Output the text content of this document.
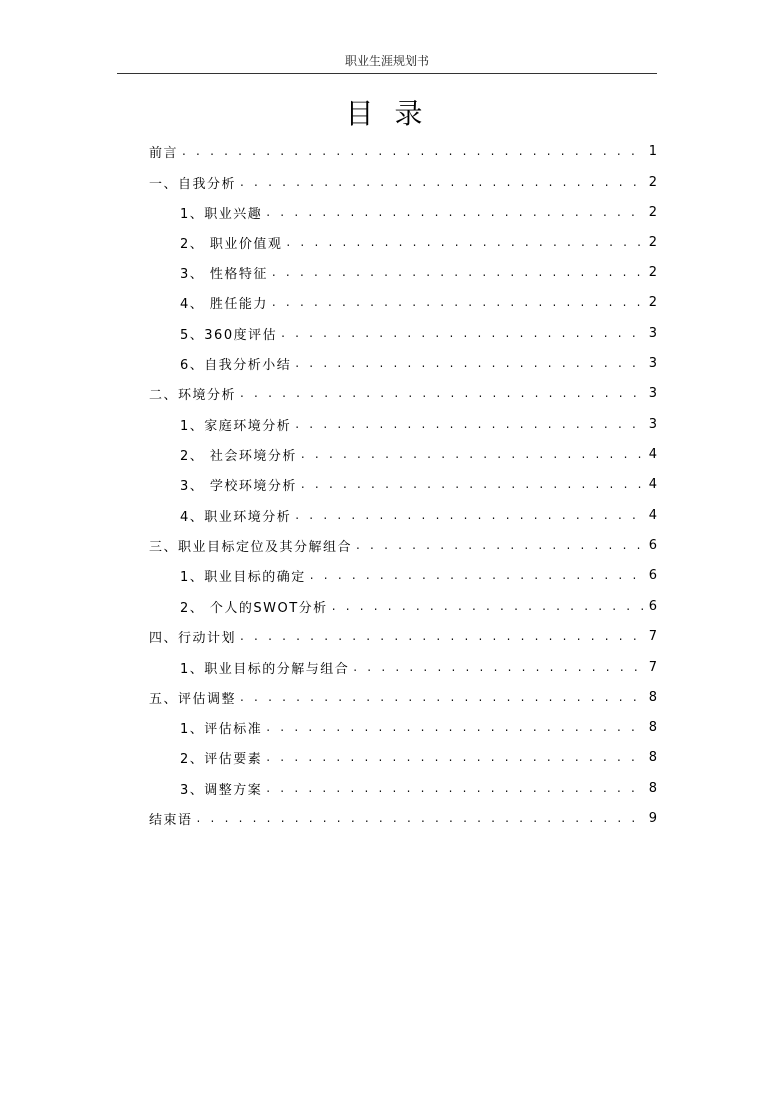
职业生涯规划书
目 录
前言 . . .	1
一、自我分析 . . .	2
1、职业兴趣 . . .	2
2、 职业价值观 . . .	2
3、 性格特征 . . .	2
4、 胜任能力 . . .	2
5、360度评估 . . .	3
6、自我分析小结 . . .	3
二、环境分析 . . .	3
1、家庭环境分析 . . .	3
2、 社会环境分析 . . .	4
3、 学校环境分析 . . .	4
4、职业环境分析 . . .	4
三、职业目标定位及其分解组合 . . .	6
1、职业目标的确定 . . .	6
2、 个人的SWOT分析 . . .	6
四、行动计划 . . .	7
1、职业目标的分解与组合 . . .	7
五、评估调整 . . .	8
1、评估标准 . . .	8
2、评估要素 . . .	8
3、调整方案 . . .	8
结束语 . . .	9
